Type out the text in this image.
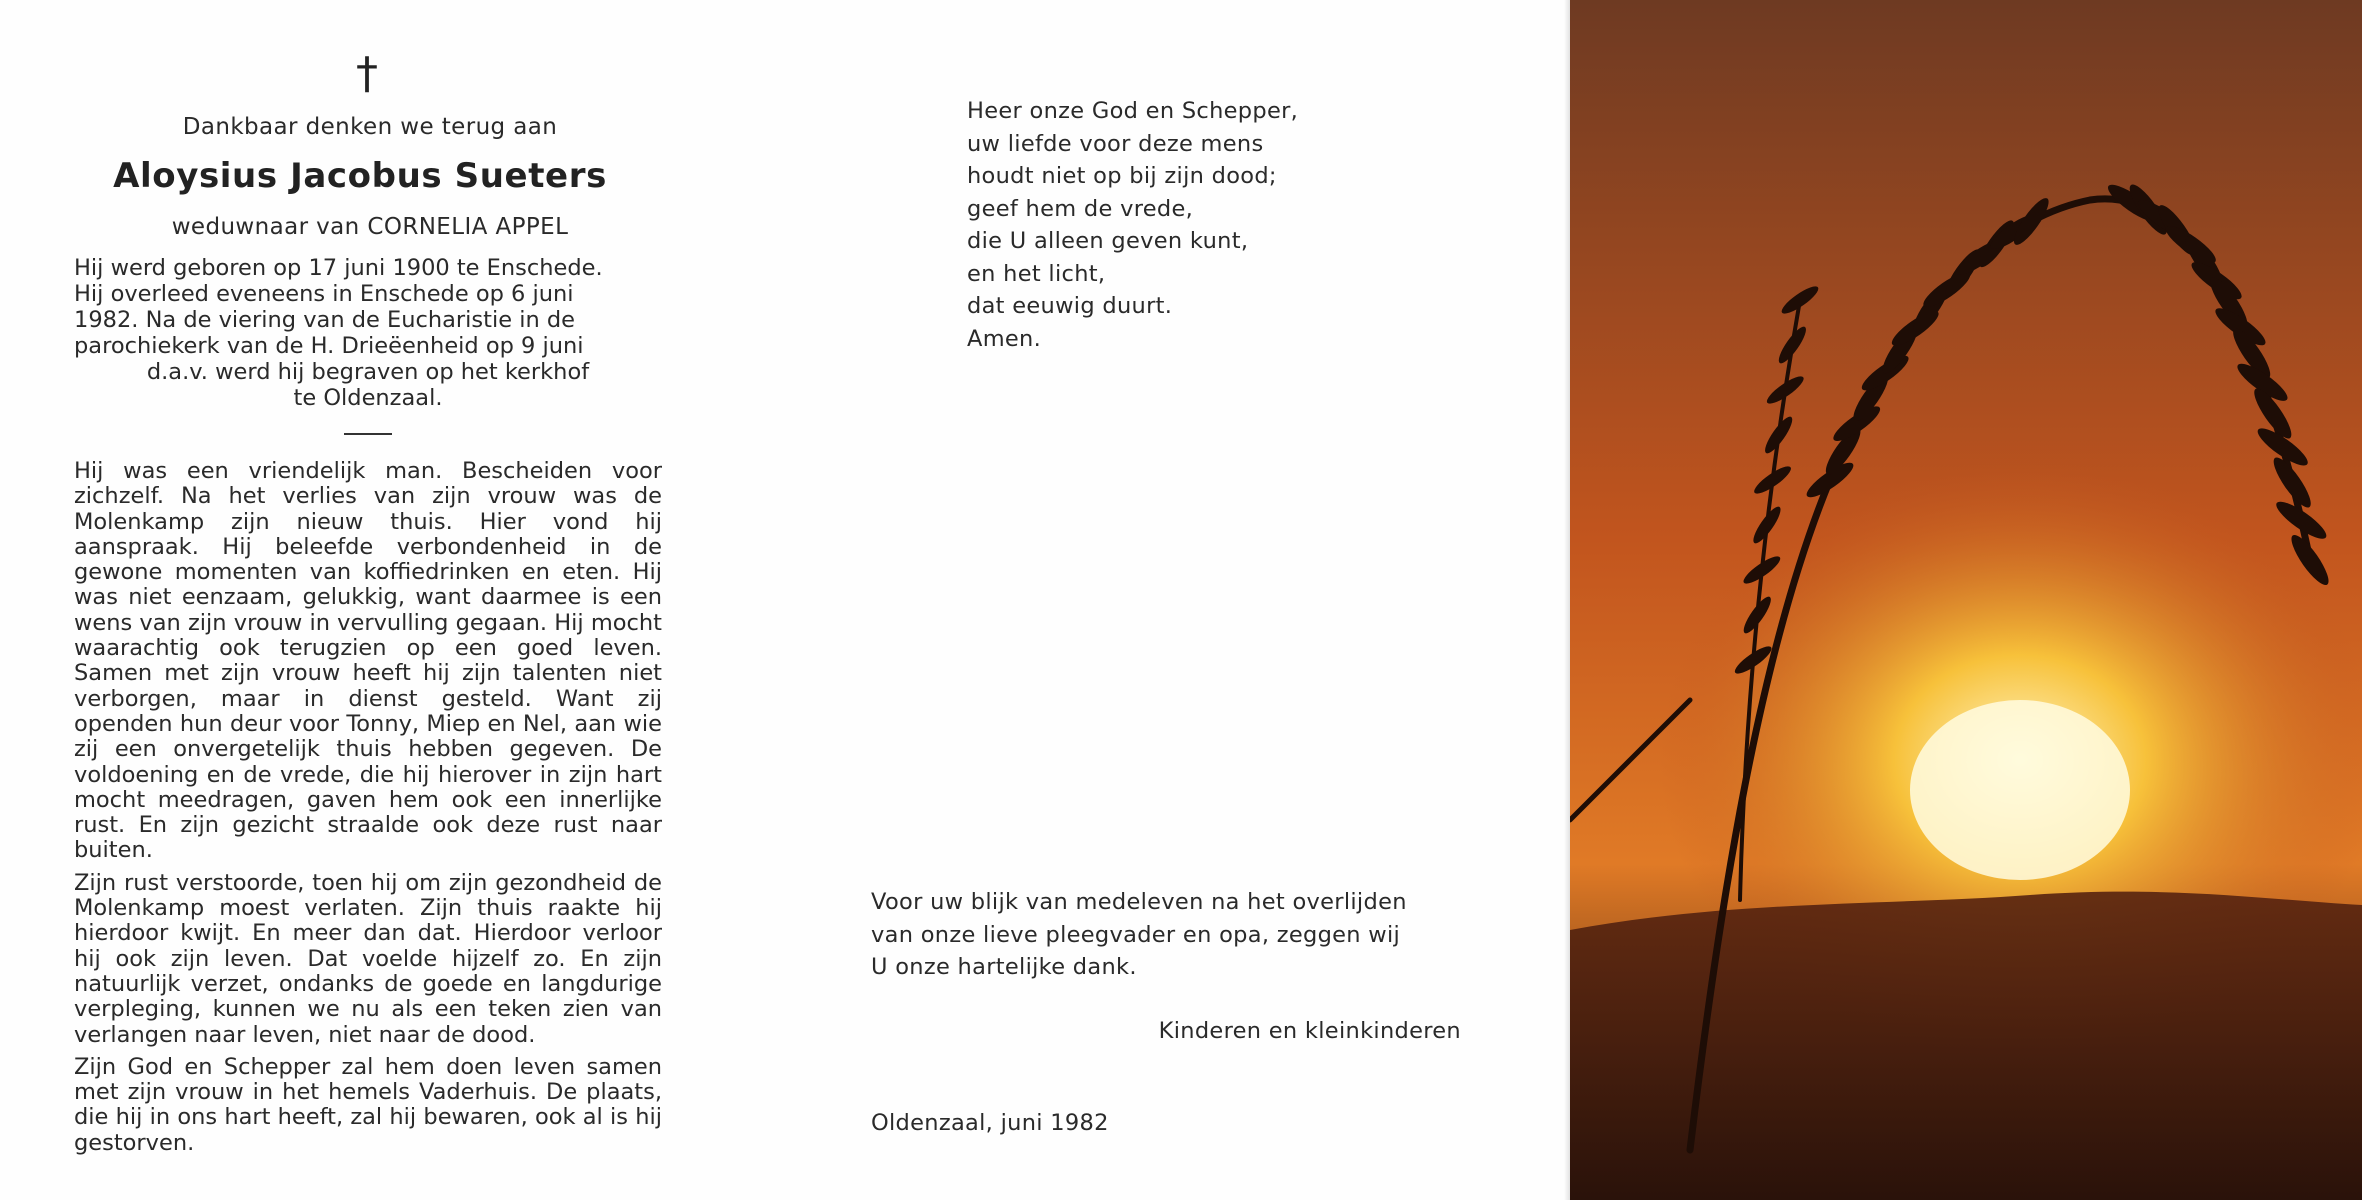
†
Dankbaar denken we terug aan
Aloysius Jacobus Sueters
weduwnaar van CORNELIA APPEL
Hij werd geboren op 17 juni 1900 te Enschede.
Hij overleed eveneens in Enschede op 6 juni
1982. Na de viering van de Eucharistie in de
parochiekerk van de H. Drieëenheid op 9 juni
d.a.v. werd hij begraven op het kerkhof
te Oldenzaal.

Hij was een vriendelijk man. Bescheiden voor zichzelf. Na het verlies van zijn vrouw was de Molenkamp zijn nieuw thuis. Hier vond hij aanspraak. Hij beleefde verbondenheid in de gewone momenten van koffiedrinken en eten. Hij was niet eenzaam, gelukkig, want daarmee is een wens van zijn vrouw in vervulling gegaan. Hij mocht waarachtig ook terugzien op een goed leven. Samen met zijn vrouw heeft hij zijn talenten niet verborgen, maar in dienst gesteld. Want zij openden hun deur voor Tonny, Miep en Nel, aan wie zij een onvergetelijk thuis hebben gegeven. De voldoening en de vrede, die hij hierover in zijn hart mocht meedragen, gaven hem ook een innerlijke rust. En zijn gezicht straalde ook deze rust naar buiten.

Zijn rust verstoorde, toen hij om zijn gezondheid de Molenkamp moest verlaten. Zijn thuis raakte hij hierdoor kwijt. En meer dan dat. Hierdoor verloor hij ook zijn leven. Dat voelde hijzelf zo. En zijn natuurlijk verzet, ondanks de goede en langdurige verpleging, kunnen we nu als een teken zien van verlangen naar leven, niet naar de dood.

Zijn God en Schepper zal hem doen leven samen met zijn vrouw in het hemels Vaderhuis. De plaats, die hij in ons hart heeft, zal hij bewaren, ook al is hij gestorven.

Heer onze God en Schepper,
uw liefde voor deze mens
houdt niet op bij zijn dood;
geef hem de vrede,
die U alleen geven kunt,
en het licht,
dat eeuwig duurt.
Amen.
Voor uw blijk van medeleven na het overlijden
van onze lieve pleegvader en opa, zeggen wij
U onze hartelijke dank.
Kinderen en kleinkinderen
Oldenzaal, juni 1982
